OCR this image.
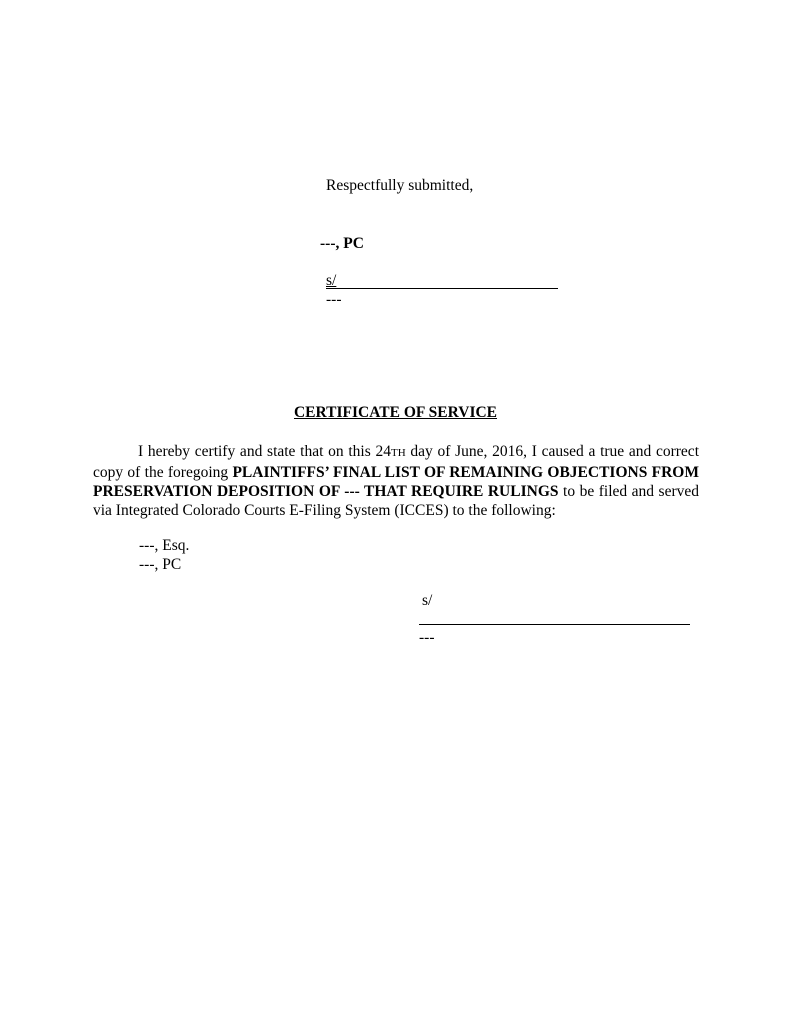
Respectfully submitted,
---, PC
s/
---
CERTIFICATE OF SERVICE
I hereby certify and state that on this 24TH day of June, 2016, I caused a true and correct copy of the foregoing PLAINTIFFS’ FINAL LIST OF REMAINING OBJECTIONS FROM PRESERVATION DEPOSITION OF --- THAT REQUIRE RULINGS to be filed and served via Integrated Colorado Courts E-Filing System (ICCES) to the following:
---, Esq.
---, PC
s/
---
